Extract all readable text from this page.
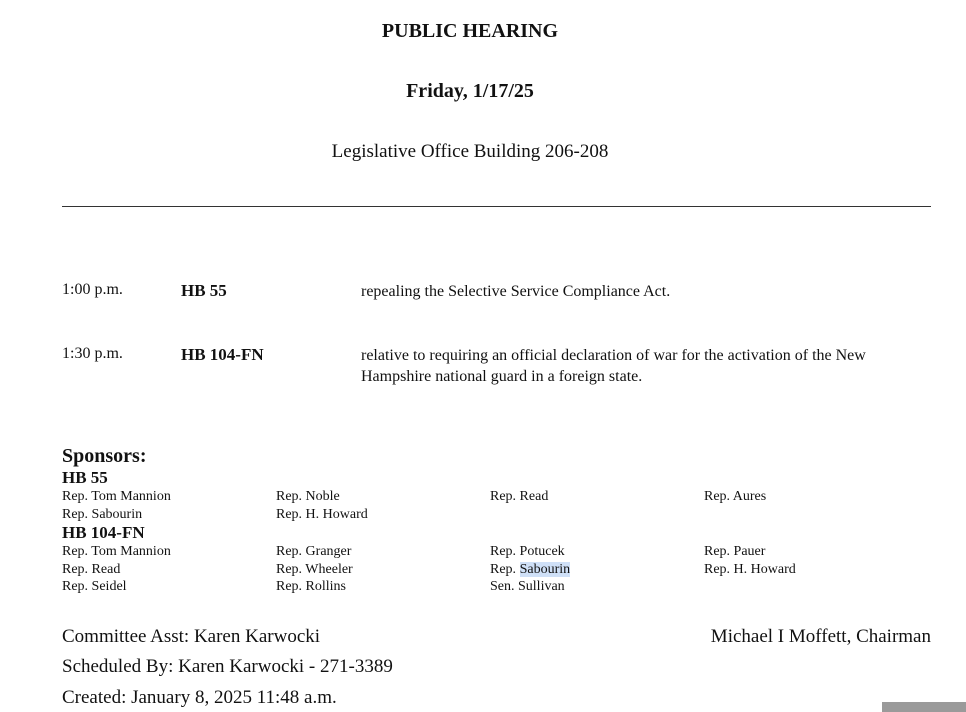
PUBLIC HEARING
Friday, 1/17/25
Legislative Office Building 206-208
1:00 p.m.	HB 55	repealing the Selective Service Compliance Act.
1:30 p.m.	HB 104-FN	relative to requiring an official declaration of war for the activation of the New Hampshire national guard in a foreign state.
Sponsors:
HB 55
Rep. Tom Mannion	Rep. Noble	Rep. Read	Rep. Aures
Rep. Sabourin	Rep. H. Howard
HB 104-FN
Rep. Tom Mannion	Rep. Granger	Rep. Potucek	Rep. Pauer
Rep. Read	Rep. Wheeler	Rep. Sabourin	Rep. H. Howard
Rep. Seidel	Rep. Rollins	Sen. Sullivan
Committee Asst: Karen Karwocki	Michael I Moffett, Chairman
Scheduled By: Karen Karwocki - 271-3389
Created: January 8, 2025 11:48 a.m.
